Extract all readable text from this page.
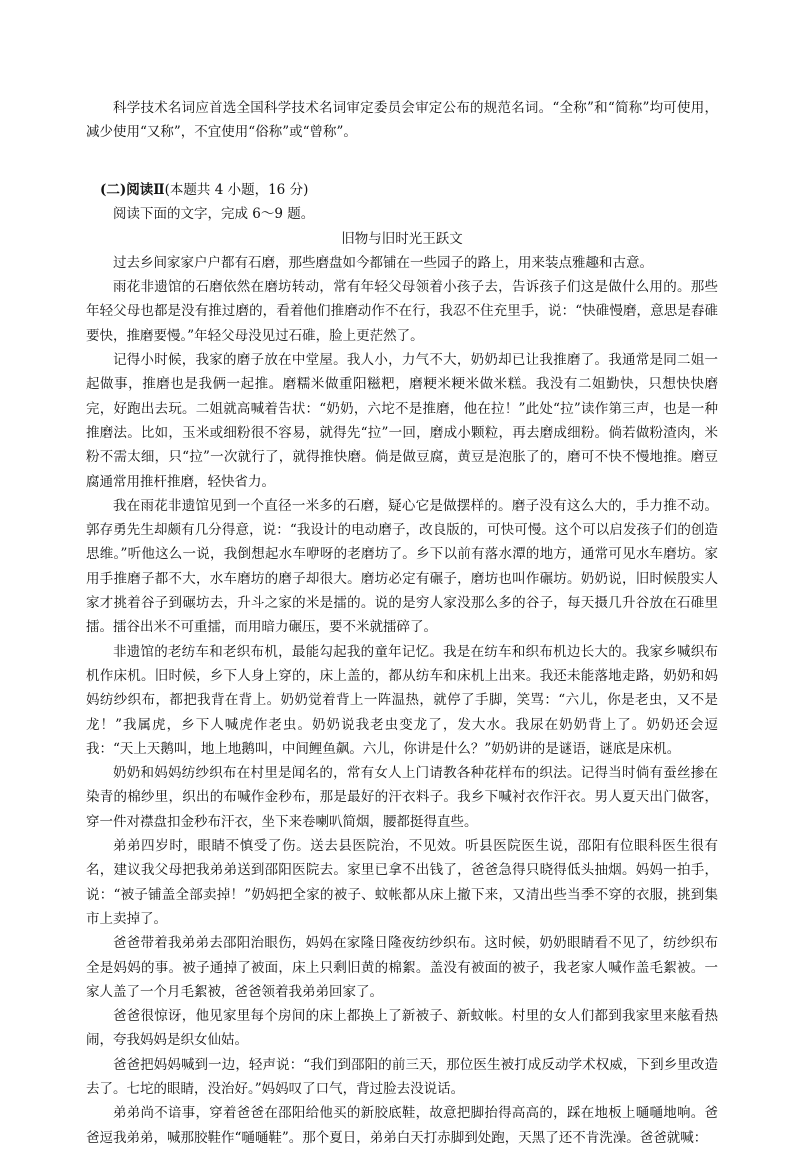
科学技术名词应首选全国科学技术名词审定委员会审定公布的规范名词。“全称”和“简称”均可使用，减少使用“又称”，不宜使用“俗称”或“曾称”。

(二)阅读Ⅱ(本题共 4 小题，16 分)

阅读下面的文字，完成 6～9 题。

旧物与旧时光王跃文

过去乡间家家户户都有石磨，那些磨盘如今都铺在一些园子的路上，用来装点雅趣和古意。

雨花非遗馆的石磨依然在磨坊转动，常有年轻父母领着小孩子去，告诉孩子们这是做什么用的。那些年轻父母也都是没有推过磨的，看着他们推磨动作不在行，我忍不住充里手，说：“快碓慢磨，意思是舂碓要快，推磨要慢。”年轻父母没见过石碓，脸上更茫然了。

记得小时候，我家的磨子放在中堂屋。我人小，力气不大，奶奶却已让我推磨了。我通常是同二姐一起做事，推磨也是我俩一起推。磨糯米做重阳糍粑，磨粳米粳米做米糕。我没有二姐勤快，只想快快磨完，好跑出去玩。二姐就高喊着告状：“奶奶，六坨不是推磨，他在拉！”此处“拉”读作第三声，也是一种推磨法。比如，玉米或细粉很不容易，就得先“拉”一回，磨成小颗粒，再去磨成细粉。倘若做粉渣肉，米粉不需太细，只“拉”一次就行了，就得推快磨。倘是做豆腐，黄豆是泡胀了的，磨可不快不慢地推。磨豆腐通常用推杆推磨，轻快省力。

我在雨花非遗馆见到一个直径一米多的石磨，疑心它是做摆样的。磨子没有这么大的，手力推不动。郭存勇先生却颇有几分得意，说：“我设计的电动磨子，改良版的，可快可慢。这个可以启发孩子们的创造思维。”听他这么一说，我倒想起水车咿呀的老磨坊了。乡下以前有落水潭的地方，通常可见水车磨坊。家用手推磨子都不大，水车磨坊的磨子却很大。磨坊必定有碾子，磨坊也叫作碾坊。奶奶说，旧时候殷实人家才挑着谷子到碾坊去，升斗之家的米是擂的。说的是穷人家没那么多的谷子，每天摄几升谷放在石碓里擂。擂谷出米不可重擂，而用暗力碾压，要不米就擂碎了。

非遗馆的老纺车和老织布机，最能勾起我的童年记忆。我是在纺车和织布机边长大的。我家乡喊织布机作床机。旧时候，乡下人身上穿的，床上盖的，都从纺车和床机上出来。我还未能落地走路，奶奶和妈妈纺纱织布，都把我背在背上。奶奶觉着背上一阵温热，就停了手脚，笑骂：“六儿，你是老虫，又不是龙！”我属虎，乡下人喊虎作老虫。奶奶说我老虫变龙了，发大水。我尿在奶奶背上了。奶奶还会逗我：“天上天鹅叫，地上地鹅叫，中间鲤鱼飙。六儿，你讲是什么？”奶奶讲的是谜语，谜底是床机。

奶奶和妈妈纺纱织布在村里是闻名的，常有女人上门请教各种花样布的织法。记得当时倘有蚕丝掺在染青的棉纱里，织出的布喊作金秒布，那是最好的汗衣料子。我乡下喊衬衣作汗衣。男人夏天出门做客，穿一件对襟盘扣金秒布汗衣，坐下来卷喇叭简烟，腰都挺得直些。

弟弟四岁时，眼睛不慎受了伤。送去县医院治，不见效。听县医院医生说，邵阳有位眼科医生很有名，建议我父母把我弟弟送到邵阳医院去。家里已拿不出钱了，爸爸急得只晓得低头抽烟。妈妈一拍手，说：“被子铺盖全部卖掉！”奶妈把全家的被子、蚊帐都从床上撤下来，又清出些当季不穿的衣服，挑到集市上卖掉了。

爸爸带着我弟弟去邵阳治眼伤，妈妈在家隆日隆夜纺纱织布。这时候，奶奶眼睛看不见了，纺纱织布全是妈妈的事。被子通掉了被面，床上只剩旧黄的棉絮。盖没有被面的被子，我老家人喊作盖毛絮被。一家人盖了一个月毛絮被，爸爸领着我弟弟回家了。

爸爸很惊讶，他见家里每个房间的床上都换上了新被子、新蚊帐。村里的女人们都到我家里来舷看热闹，夸我妈妈是织女仙姑。

爸爸把妈妈喊到一边，轻声说：“我们到邵阳的前三天，那位医生被打成反动学术权威，下到乡里改造去了。七坨的眼睛，没治好。”妈妈叹了口气，背过脸去没说话。

弟弟尚不谙事，穿着爸爸在邵阳给他买的新胶底鞋，故意把脚抬得高高的，踩在地板上嗵嗵地响。爸爸逗我弟弟，喊那胶鞋作“嗵嗵鞋”。那个夏日，弟弟白天打赤脚到处跑，天黑了还不肯洗澡。爸爸就喊：
